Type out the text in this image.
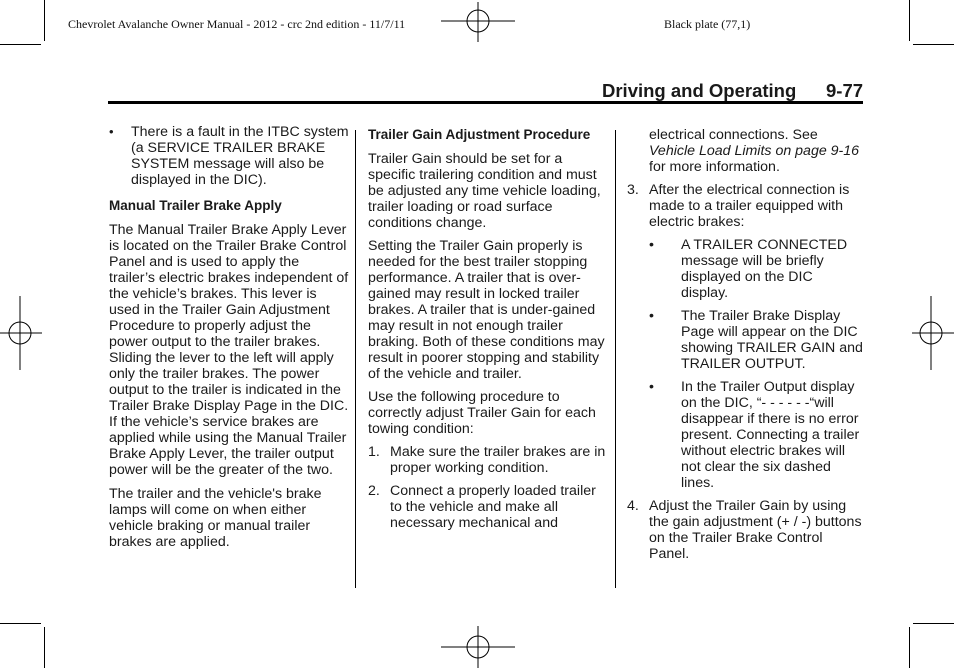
Chevrolet Avalanche Owner Manual - 2012 - crc 2nd edition - 11/7/11	Black plate (77,1)
Driving and Operating 9-77
• There is a fault in the ITBC system (a SERVICE TRAILER BRAKE SYSTEM message will also be displayed in the DIC).
Manual Trailer Brake Apply

The Manual Trailer Brake Apply Lever is located on the Trailer Brake Control Panel and is used to apply the trailer’s electric brakes independent of the vehicle’s brakes. This lever is used in the Trailer Gain Adjustment Procedure to properly adjust the power output to the trailer brakes. Sliding the lever to the left will apply only the trailer brakes. The power output to the trailer is indicated in the Trailer Brake Display Page in the DIC. If the vehicle’s service brakes are applied while using the Manual Trailer Brake Apply Lever, the trailer output power will be the greater of the two.

The trailer and the vehicle's brake lamps will come on when either vehicle braking or manual trailer brakes are applied.

Trailer Gain Adjustment Procedure

Trailer Gain should be set for a specific trailering condition and must be adjusted any time vehicle loading, trailer loading or road surface conditions change.

Setting the Trailer Gain properly is needed for the best trailer stopping performance. A trailer that is over-gained may result in locked trailer brakes. A trailer that is under-gained may result in not enough trailer braking. Both of these conditions may result in poorer stopping and stability of the vehicle and trailer.

Use the following procedure to correctly adjust Trailer Gain for each towing condition:

1. Make sure the trailer brakes are in proper working condition.
2. Connect a properly loaded trailer to the vehicle and make all necessary mechanical and
electrical connections. See Vehicle Load Limits on page 9-16 for more information.
3. After the electrical connection is made to a trailer equipped with electric brakes:
• A TRAILER CONNECTED message will be briefly displayed on the DIC display.
• The Trailer Brake Display Page will appear on the DIC showing TRAILER GAIN and TRAILER OUTPUT.
• In the Trailer Output display on the DIC, “- - - - - -“will disappear if there is no error present. Connecting a trailer without electric brakes will not clear the six dashed lines.
4. Adjust the Trailer Gain by using the gain adjustment (+ / -) buttons on the Trailer Brake Control Panel.
